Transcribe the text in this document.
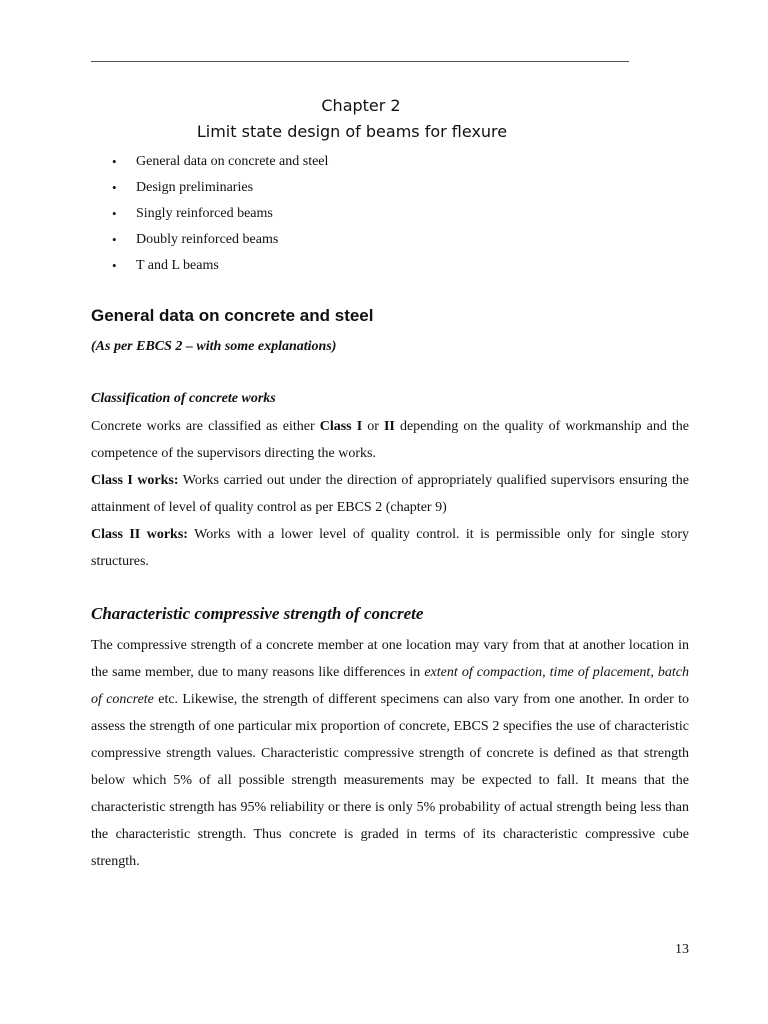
Chapter 2
Limit state design of beams for flexure
• General data on concrete and steel
• Design preliminaries
• Singly reinforced beams
• Doubly reinforced beams
• T and L beams
General data on concrete and steel

(As per EBCS 2 – with some explanations)

Classification of concrete works

Concrete works are classified as either Class I or II depending on the quality of workmanship and the competence of the supervisors directing the works.

Class I works: Works carried out under the direction of appropriately qualified supervisors ensuring the attainment of level of quality control as per EBCS 2 (chapter 9)

Class II works: Works with a lower level of quality control. it is permissible only for single story structures.

Characteristic compressive strength of concrete

The compressive strength of a concrete member at one location may vary from that at another location in the same member, due to many reasons like differences in extent of compaction, time of placement, batch of concrete etc. Likewise, the strength of different specimens can also vary from one another. In order to assess the strength of one particular mix proportion of concrete, EBCS 2 specifies the use of characteristic compressive strength values. Characteristic compressive strength of concrete is defined as that strength below which 5% of all possible strength measurements may be expected to fall. It means that the characteristic strength has 95% reliability or there is only 5% probability of actual strength being less than the characteristic strength. Thus concrete is graded in terms of its characteristic compressive cube strength.

13
